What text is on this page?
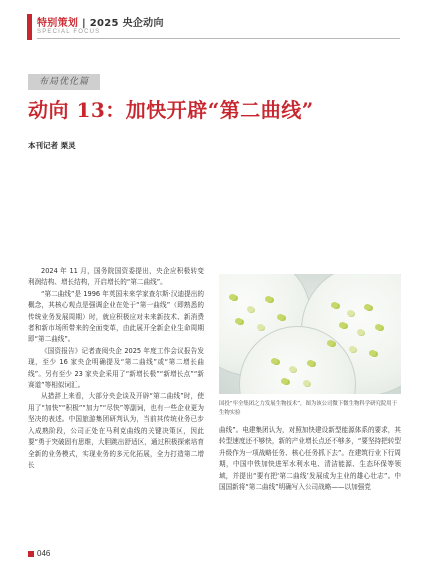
特别策划 | 2025 央企动向
SPECIAL FOCUS
布局优化篇
动向 13：加快开辟“第二曲线”
本刊记者 栗灵

2024 年 11 月，国务院国资委提出，央企应积极转变利润结构、增长结构，开启增长的“第二曲线”。

“第二曲线”是 1996 年英国未来学家查尔斯·汉迪提出的概念，其核心观点是强调企业在处于“第一曲线”（即熟悉的传统业务发展周期）时，就应积极应对未来新技术、新消费者和新市场所带来的全面变革，由此展开全新企业生命周期即“第二曲线”。

《国资报告》记者查阅央企 2025 年度工作会议报告发现，至少 16 家央企明确提及“第二曲线”或“第二增长曲线”。另有至少 23 家央企采用了“新增长极”“新增长点”“新赛道”等相似词汇。

从措辞上来看，大部分央企谈及开辟“第二曲线”时，使用了“加快”“积极”“加力”“尽快”等副词，也有一些企业更为坚决的表述。中国旅游集团研判认为，当前其传统业务已步入成熟阶段，公司正处在马利克曲线的关键决策区，因此要“勇于突破固有思维，大胆跳出舒适区，通过积极探索培育全新的业务模式，实现业务的多元化拓展，全力打造第二增长

国投“牢全集团之力发展生物技术”，图为该公司微下微生物科学研究院用于生物实验

曲线”。电建集团认为，对照加快建设新型能源体系的要求，其转型速度还不够快，新的产业增长点还不够多，“要坚持把转型升级作为一项战略任务、核心任务抓下去”。在建筑行业下行周期，中国中铁加快进军水利水电、清洁能源、生态环保等领域，并提出“要有把‘第二曲线’发展成为主业的雄心壮志”。中国国新将“第二曲线”明确写入公司战略——以加强党

046
